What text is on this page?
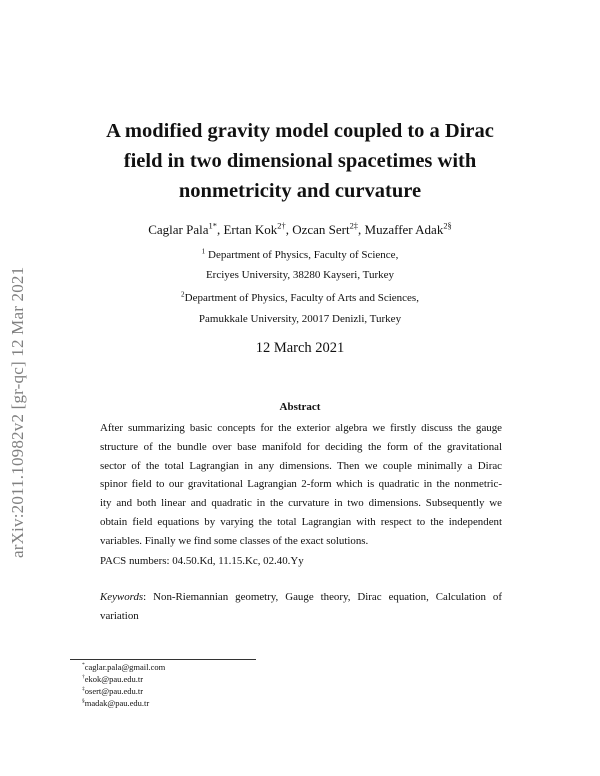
arXiv:2011.10982v2 [gr-qc] 12 Mar 2021
A modified gravity model coupled to a Dirac
field in two dimensional spacetimes with
nonmetricity and curvature
Caglar Pala$^{1*}$, Ertan Kok$^{2\dagger}$, Ozcan Sert$^{2\ddagger}$, Muzaffer Adak$^{2\S}$
$^1$ Department of Physics, Faculty of Science,
Erciyes University, 38280 Kayseri, Turkey
$^2$Department of Physics, Faculty of Arts and Sciences,
Pamukkale University, 20017 Denizli, Turkey
12 March 2021
Abstract
After summarizing basic concepts for the exterior algebra we firstly discuss the gauge
structure of the bundle over base manifold for deciding the form of the gravitational
sector of the total Lagrangian in any dimensions. Then we couple minimally a Dirac
spinor field to our gravitational Lagrangian 2-form which is quadratic in the nonmetric-
ity and both linear and quadratic in the curvature in two dimensions. Subsequently we
obtain field equations by varying the total Lagrangian with respect to the independent
variables. Finally we find some classes of the exact solutions.
PACS numbers: 04.50.Kd, 11.15.Kc, 02.40.Yy
Keywords: Non-Riemannian geometry, Gauge theory, Dirac equation, Calculation of variation
*caglar.pala@gmail.com
†ekok@pau.edu.tr
‡osert@pau.edu.tr
§madak@pau.edu.tr
